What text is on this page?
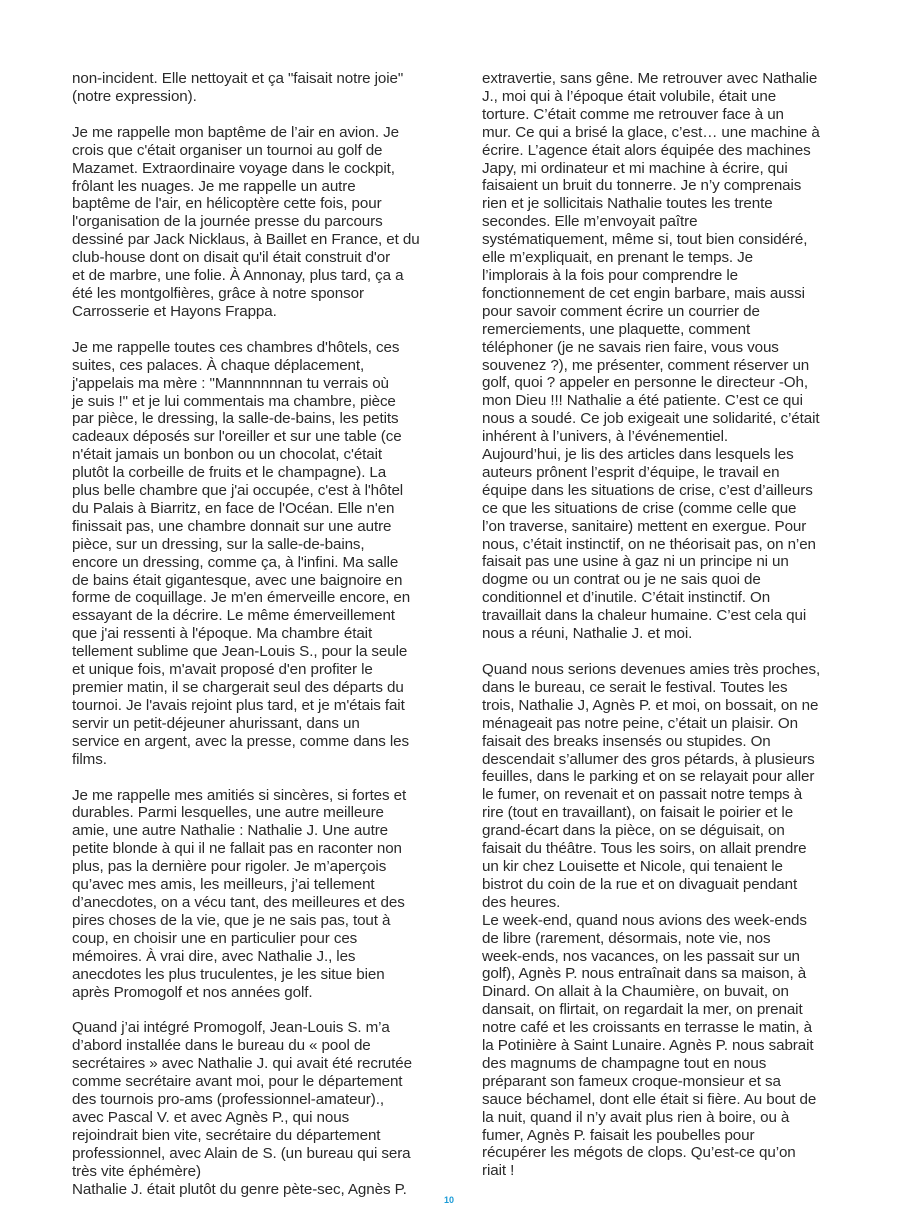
non-incident. Elle nettoyait et ça "faisait notre joie"
(notre expression).
Je me rappelle mon baptême de l’air en avion. Je
crois que c'était organiser un tournoi au golf de
Mazamet. Extraordinaire voyage dans le cockpit,
frôlant les nuages. Je me rappelle un autre
baptême de l'air, en hélicoptère cette fois, pour
l'organisation de la journée presse du parcours
dessiné par Jack Nicklaus, à Baillet en France, et du
club-house dont on disait qu'il était construit d'or
et de marbre, une folie. À Annonay, plus tard, ça a
été les montgolfières, grâce à notre sponsor
Carrosserie et Hayons Frappa.
Je me rappelle toutes ces chambres d'hôtels, ces
suites, ces palaces. À chaque déplacement,
j'appelais ma mère : "Mannnnnnan tu verrais où
je suis !" et je lui commentais ma chambre, pièce
par pièce, le dressing, la salle-de-bains, les petits
cadeaux déposés sur l'oreiller et sur une table (ce
n'était jamais un bonbon ou un chocolat, c'était
plutôt la corbeille de fruits et le champagne). La
plus belle chambre que j'ai occupée, c'est à l'hôtel
du Palais à Biarritz, en face de l'Océan. Elle n'en
finissait pas, une chambre donnait sur une autre
pièce, sur un dressing, sur la salle-de-bains,
encore un dressing, comme ça, à l'infini. Ma salle
de bains était gigantesque, avec une baignoire en
forme de coquillage. Je m'en émerveille encore, en
essayant de la décrire. Le même émerveillement
que j'ai ressenti à l'époque. Ma chambre était
tellement sublime que Jean-Louis S., pour la seule
et unique fois, m'avait proposé d'en profiter le
premier matin, il se chargerait seul des départs du
tournoi. Je l'avais rejoint plus tard, et je m'étais fait
servir un petit-déjeuner ahurissant, dans un
service en argent, avec la presse, comme dans les
films.
Je me rappelle mes amitiés si sincères, si fortes et
durables. Parmi lesquelles, une autre meilleure
amie, une autre Nathalie : Nathalie J. Une autre
petite blonde à qui il ne fallait pas en raconter non
plus, pas la dernière pour rigoler. Je m’aperçois
qu’avec mes amis, les meilleurs, j’ai tellement
d’anecdotes, on a vécu tant, des meilleures et des
pires choses de la vie, que je ne sais pas, tout à
coup, en choisir une en particulier pour ces
mémoires. À vrai dire, avec Nathalie J., les
anecdotes les plus truculentes, je les situe bien
après Promogolf et nos années golf.
Quand j’ai intégré Promogolf, Jean-Louis S. m’a
d’abord installée dans le bureau du « pool de
secrétaires » avec Nathalie J. qui avait été recrutée
comme secrétaire avant moi, pour le département
des tournois pro-ams (professionnel-amateur).,
avec Pascal V. et avec Agnès P., qui nous
rejoindrait bien vite, secrétaire du département
professionnel, avec Alain de S. (un bureau qui sera
très vite éphémère)
Nathalie J. était plutôt du genre pète-sec, Agnès P.
extravertie, sans gêne. Me retrouver avec Nathalie
J., moi qui à l’époque était volubile, était une
torture. C’était comme me retrouver face à un
mur. Ce qui a brisé la glace, c’est… une machine à
écrire. L’agence était alors équipée des machines
Japy, mi ordinateur et mi machine à écrire, qui
faisaient un bruit du tonnerre. Je n’y comprenais
rien et je sollicitais Nathalie toutes les trente
secondes. Elle m’envoyait paître
systématiquement, même si, tout bien considéré,
elle m’expliquait, en prenant le temps. Je
l’implorais à la fois pour comprendre le
fonctionnement de cet engin barbare, mais aussi
pour savoir comment écrire un courrier de
remerciements, une plaquette, comment
téléphoner (je ne savais rien faire, vous vous
souvenez ?), me présenter, comment réserver un
golf, quoi ? appeler en personne le directeur -Oh,
mon Dieu !!! Nathalie a été patiente. C’est ce qui
nous a soudé. Ce job exigeait une solidarité, c’était
inhérent à l’univers, à l’événementiel.
Aujourd’hui, je lis des articles dans lesquels les
auteurs prônent l’esprit d’équipe, le travail en
équipe dans les situations de crise, c’est d’ailleurs
ce que les situations de crise (comme celle que
l’on traverse, sanitaire) mettent en exergue. Pour
nous, c’était instinctif, on ne théorisait pas, on n’en
faisait pas une usine à gaz ni un principe ni un
dogme ou un contrat ou je ne sais quoi de
conditionnel et d’inutile. C’était instinctif. On
travaillait dans la chaleur humaine. C’est cela qui
nous a réuni, Nathalie J. et moi.
Quand nous serions devenues amies très proches,
dans le bureau, ce serait le festival. Toutes les
trois, Nathalie J, Agnès P. et moi, on bossait, on ne
ménageait pas notre peine, c’était un plaisir. On
faisait des breaks insensés ou stupides. On
descendait s’allumer des gros pétards, à plusieurs
feuilles, dans le parking et on se relayait pour aller
le fumer, on revenait et on passait notre temps à
rire (tout en travaillant), on faisait le poirier et le
grand-écart dans la pièce, on se déguisait, on
faisait du théâtre. Tous les soirs, on allait prendre
un kir chez Louisette et Nicole, qui tenaient le
bistrot du coin de la rue et on divaguait pendant
des heures.
Le week-end, quand nous avions des week-ends
de libre (rarement, désormais, note vie, nos
week-ends, nos vacances, on les passait sur un
golf), Agnès P. nous entraînait dans sa maison, à
Dinard. On allait à la Chaumière, on buvait, on
dansait, on flirtait, on regardait la mer, on prenait
notre café et les croissants en terrasse le matin, à
la Potinière à Saint Lunaire. Agnès P. nous sabrait
des magnums de champagne tout en nous
préparant son fameux croque-monsieur et sa
sauce béchamel, dont elle était si fière. Au bout de
la nuit, quand il n’y avait plus rien à boire, ou à
fumer, Agnès P. faisait les poubelles pour
récupérer les mégots de clops. Qu’est-ce qu’on
riait !
10
